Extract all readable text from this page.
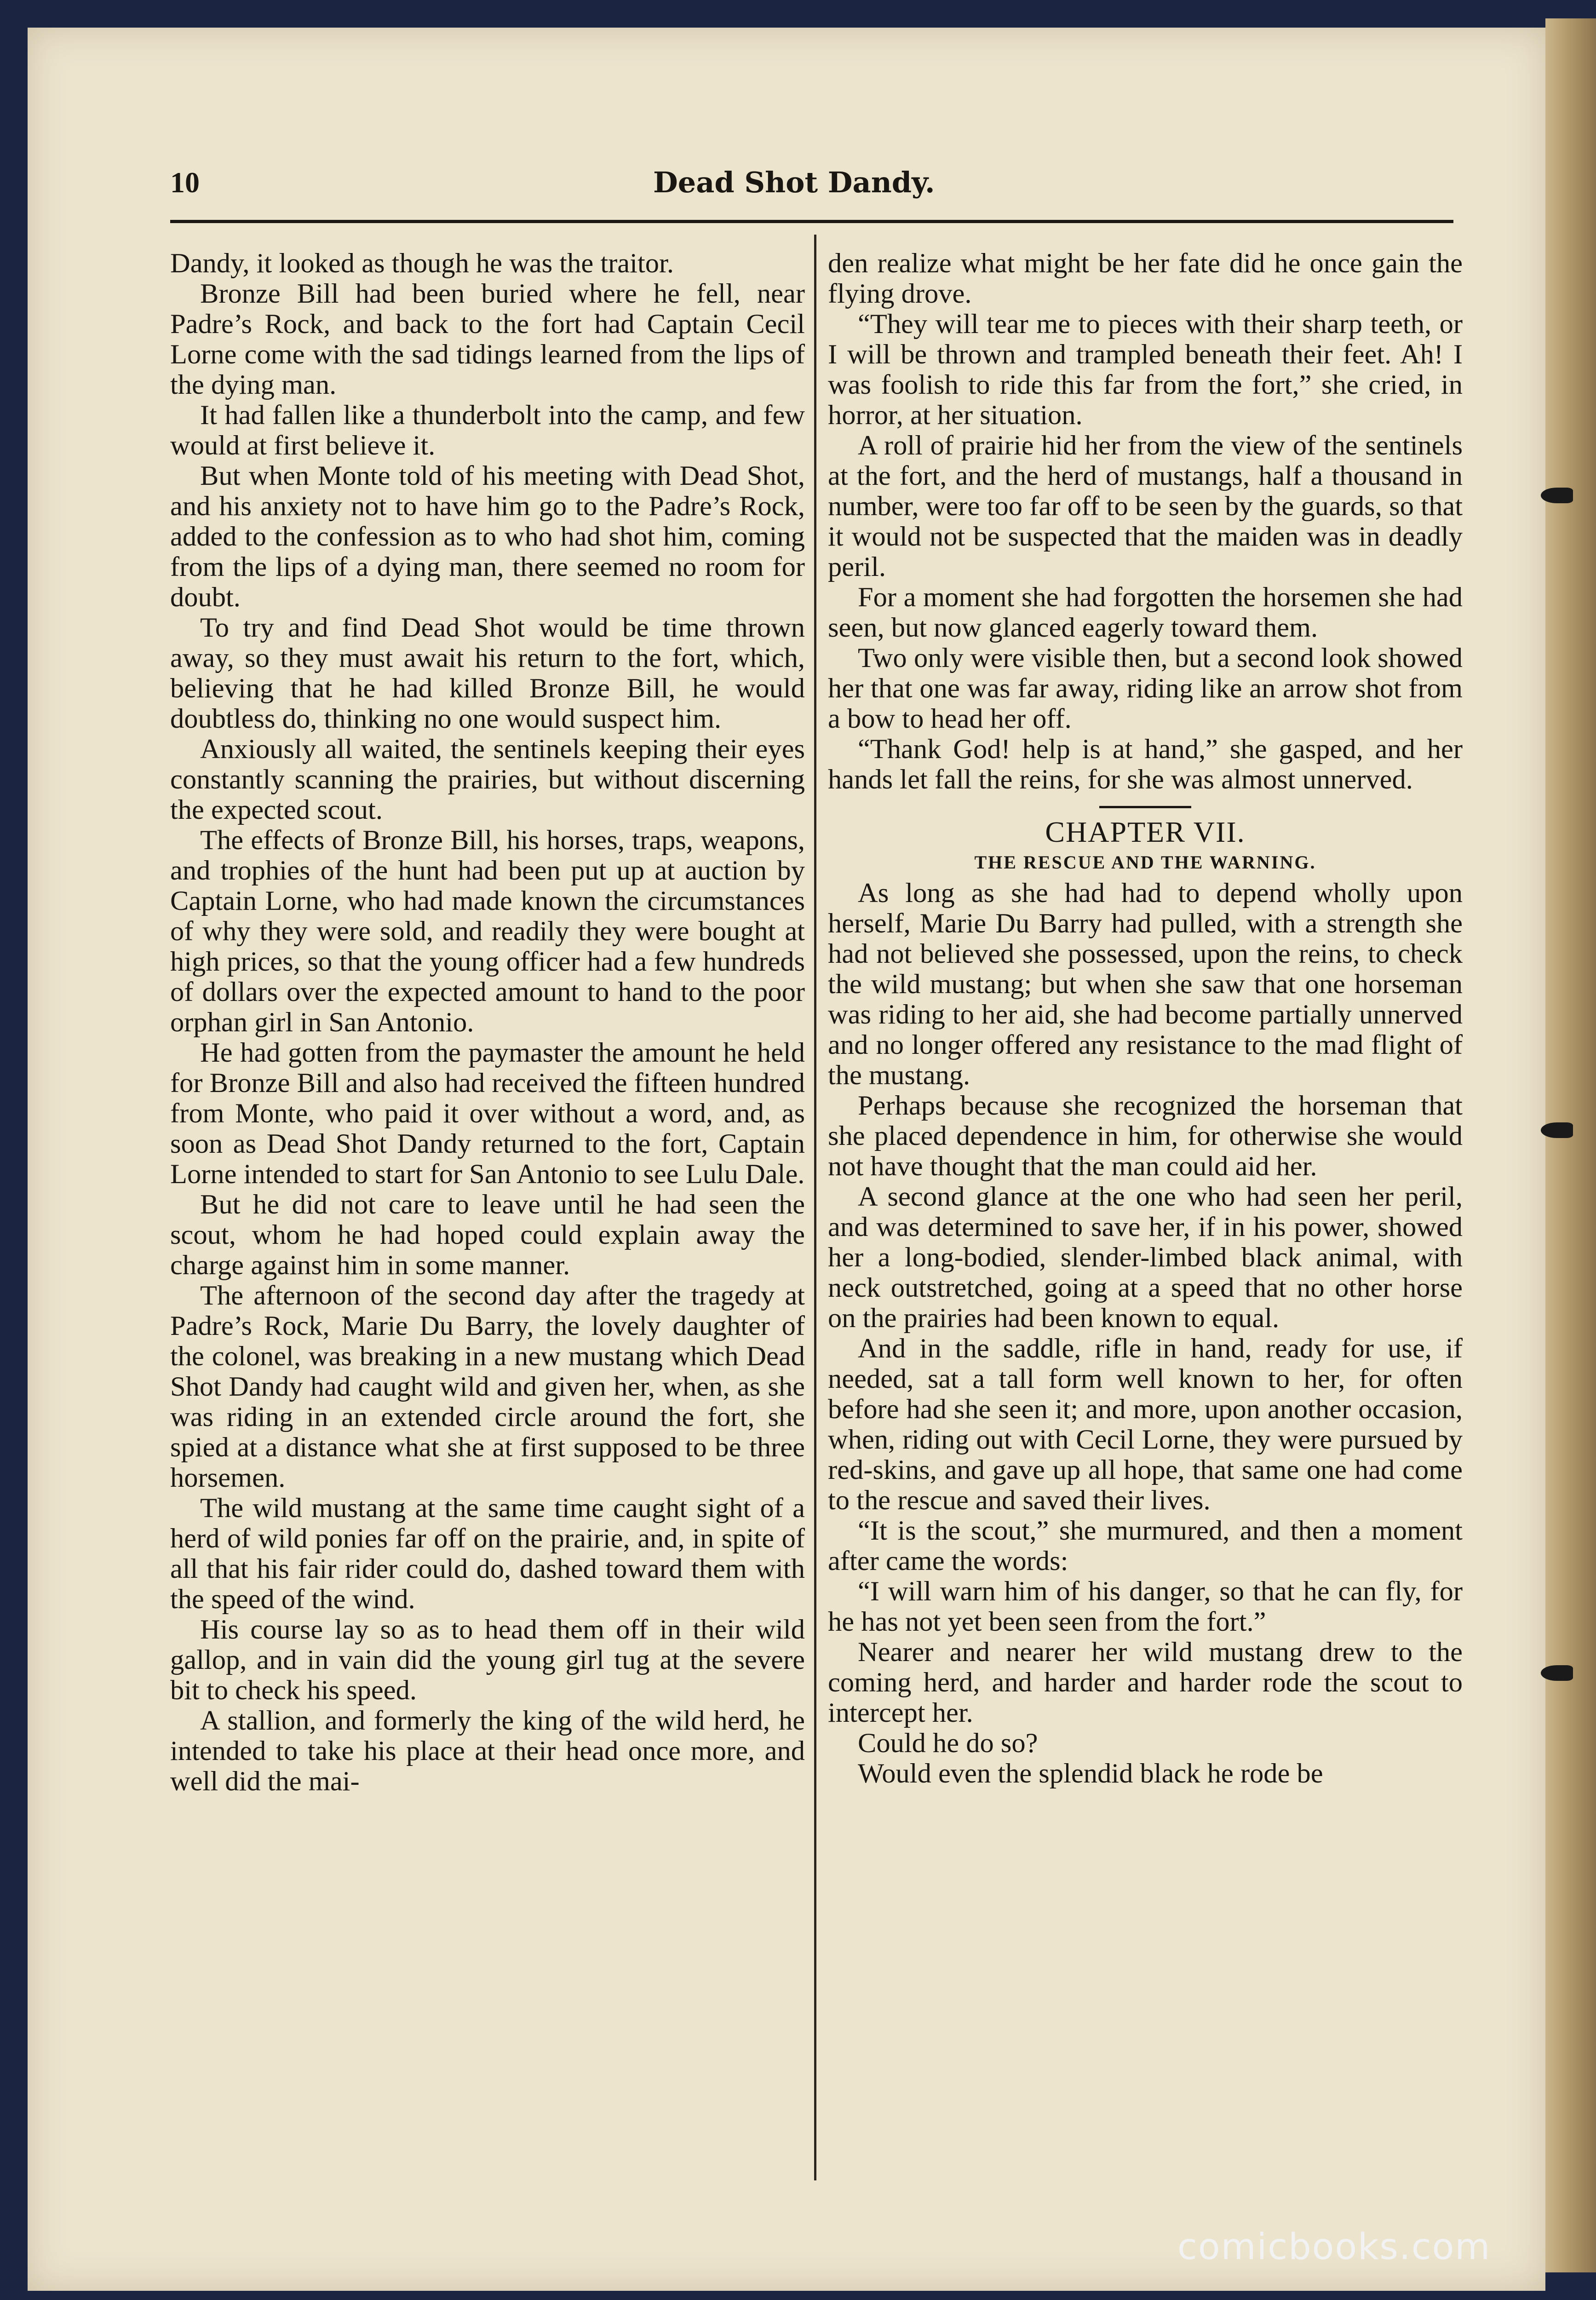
10	Dead Shot Dandy.

Dandy, it looked as though he was the traitor.

Bronze Bill had been buried where he fell, near Padre’s Rock, and back to the fort had Captain Cecil Lorne come with the sad tidings learned from the lips of the dying man.

It had fallen like a thunderbolt into the camp, and few would at first believe it.

But when Monte told of his meeting with Dead Shot, and his anxiety not to have him go to the Padre’s Rock, added to the confession as to who had shot him, coming from the lips of a dying man, there seemed no room for doubt.

To try and find Dead Shot would be time thrown away, so they must await his return to the fort, which, believing that he had killed Bronze Bill, he would doubtless do, thinking no one would suspect him.

Anxiously all waited, the sentinels keeping their eyes constantly scanning the prairies, but without discerning the expected scout.

The effects of Bronze Bill, his horses, traps, weapons, and trophies of the hunt had been put up at auction by Captain Lorne, who had made known the circumstances of why they were sold, and readily they were bought at high prices, so that the young officer had a few hundreds of dollars over the expected amount to hand to the poor orphan girl in San Antonio.

He had gotten from the paymaster the amount he held for Bronze Bill and also had received the fifteen hundred from Monte, who paid it over without a word, and, as soon as Dead Shot Dandy returned to the fort, Captain Lorne intended to start for San Antonio to see Lulu Dale.

But he did not care to leave until he had seen the scout, whom he had hoped could explain away the charge against him in some manner.

The afternoon of the second day after the tragedy at Padre’s Rock, Marie Du Barry, the lovely daughter of the colonel, was breaking in a new mustang which Dead Shot Dandy had caught wild and given her, when, as she was riding in an extended circle around the fort, she spied at a distance what she at first supposed to be three horsemen.

The wild mustang at the same time caught sight of a herd of wild ponies far off on the prairie, and, in spite of all that his fair rider could do, dashed toward them with the speed of the wind.

His course lay so as to head them off in their wild gallop, and in vain did the young girl tug at the severe bit to check his speed.

A stallion, and formerly the king of the wild herd, he intended to take his place at their head once more, and well did the mai-

den realize what might be her fate did he once gain the flying drove.

“They will tear me to pieces with their sharp teeth, or I will be thrown and trampled beneath their feet. Ah! I was foolish to ride this far from the fort,” she cried, in horror, at her situation.

A roll of prairie hid her from the view of the sentinels at the fort, and the herd of mustangs, half a thousand in number, were too far off to be seen by the guards, so that it would not be suspected that the maiden was in deadly peril.

For a moment she had forgotten the horsemen she had seen, but now glanced eagerly toward them.

Two only were visible then, but a second look showed her that one was far away, riding like an arrow shot from a bow to head her off.

“Thank God! help is at hand,” she gasped, and her hands let fall the reins, for she was almost unnerved.

CHAPTER VII.

THE RESCUE AND THE WARNING.

As long as she had had to depend wholly upon herself, Marie Du Barry had pulled, with a strength she had not believed she possessed, upon the reins, to check the wild mustang; but when she saw that one horseman was riding to her aid, she had become partially unnerved and no longer offered any resistance to the mad flight of the mustang.

Perhaps because she recognized the horseman that she placed dependence in him, for otherwise she would not have thought that the man could aid her.

A second glance at the one who had seen her peril, and was determined to save her, if in his power, showed her a long-bodied, slender-limbed black animal, with neck outstretched, going at a speed that no other horse on the prairies had been known to equal.

And in the saddle, rifle in hand, ready for use, if needed, sat a tall form well known to her, for often before had she seen it; and more, upon another occasion, when, riding out with Cecil Lorne, they were pursued by red-skins, and gave up all hope, that same one had come to the rescue and saved their lives.

“It is the scout,” she murmured, and then a moment after came the words:

“I will warn him of his danger, so that he can fly, for he has not yet been seen from the fort.”

Nearer and nearer her wild mustang drew to the coming herd, and harder and harder rode the scout to intercept her.

Could he do so?

Would even the splendid black he rode be

comicbooks.com
